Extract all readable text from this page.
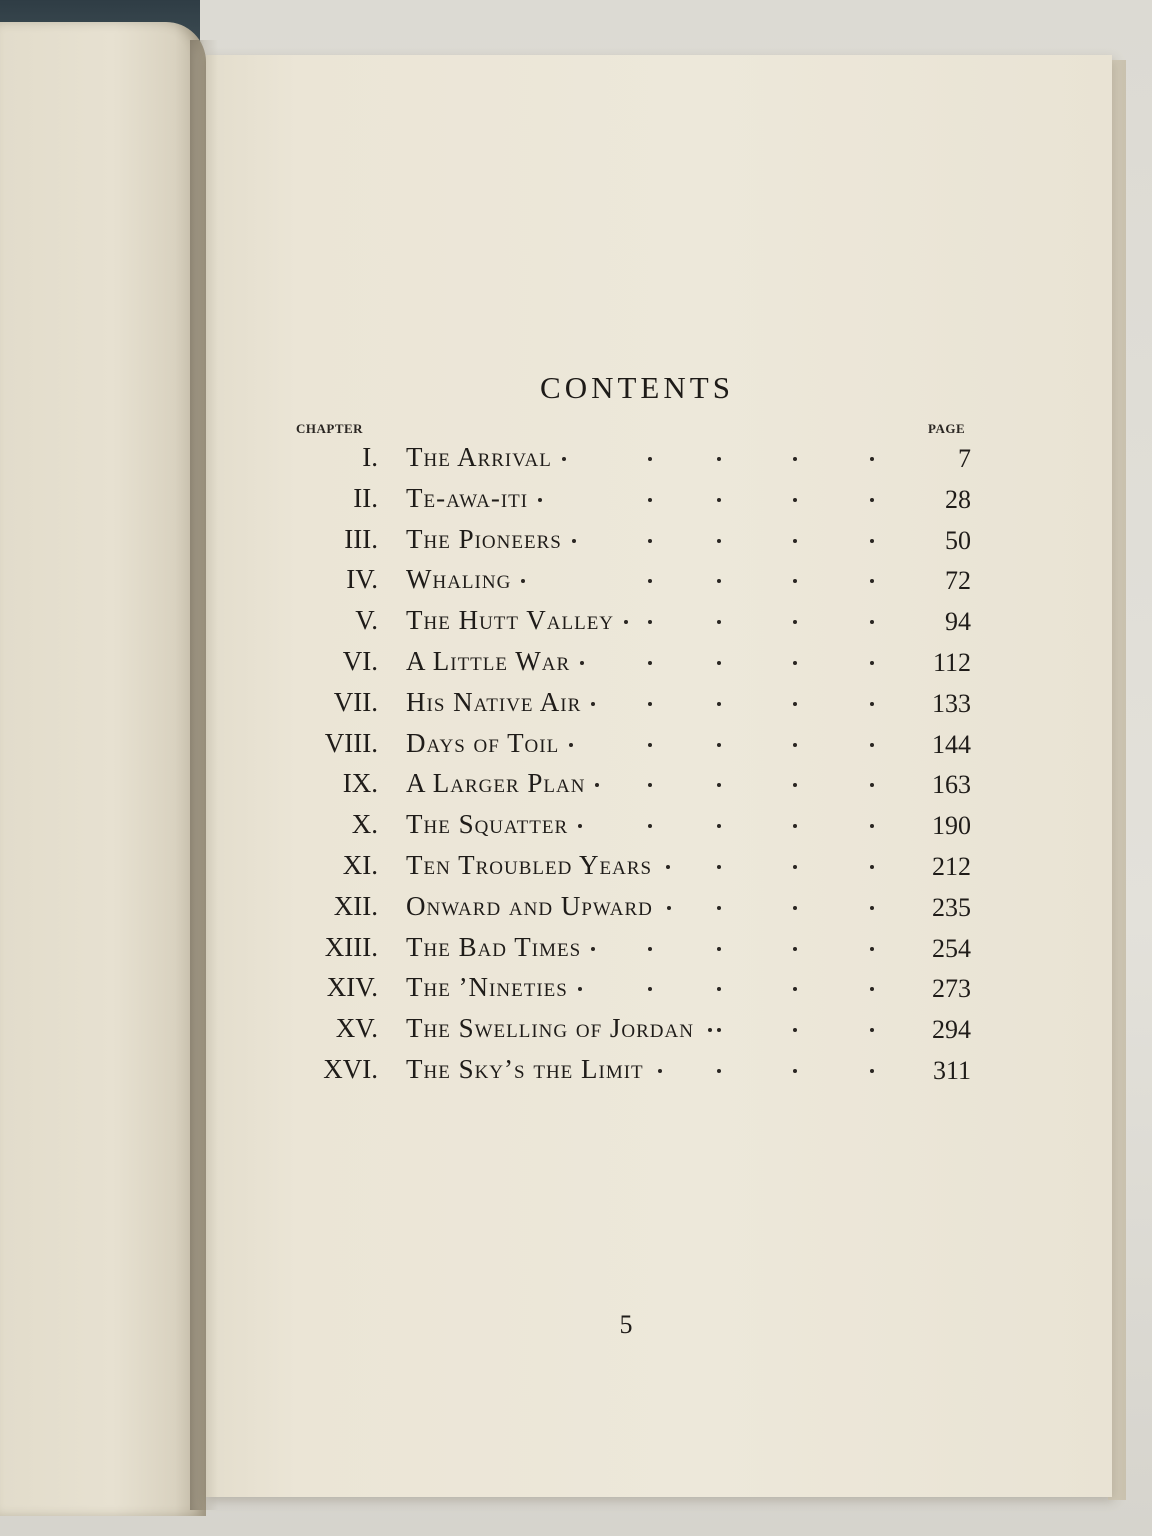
CONTENTS
CHAPTER	PAGE
I. The Arrival	7
II. Te-awa-iti	28
III. The Pioneers	50
IV. Whaling	72
V. The Hutt Valley	94
VI. A Little War	112
VII. His Native Air	133
VIII. Days of Toil	144
IX. A Larger Plan	163
X. The Squatter	190
XI. Ten Troubled Years	212
XII. Onward and Upward	235
XIII. The Bad Times	254
XIV. The ’Nineties	273
XV. The Swelling of Jordan	294
XVI. The Sky’s the Limit	311
5
